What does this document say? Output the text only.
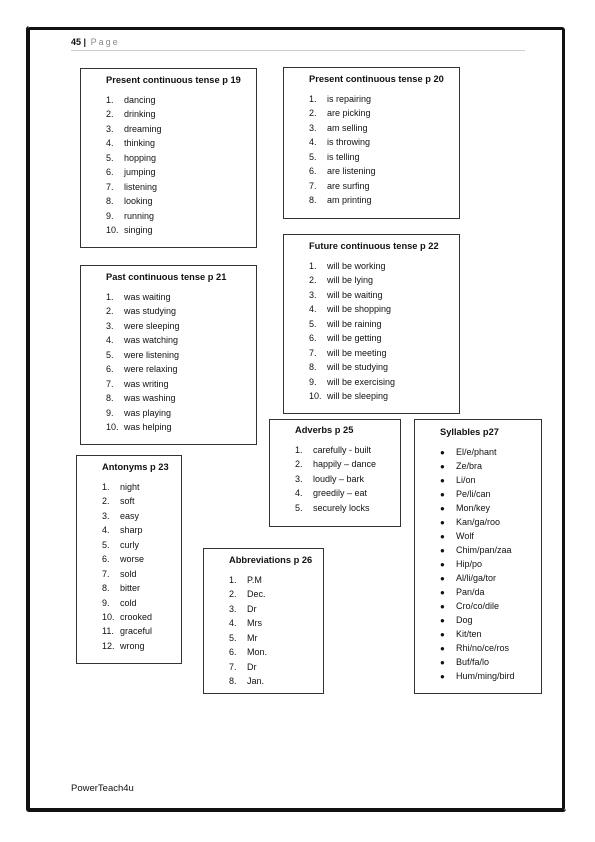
45 | Page
Present continuous tense p 19
1. dancing
2. drinking
3. dreaming
4. thinking
5. hopping
6. jumping
7. listening
8. looking
9. running
10. singing
Present continuous tense p 20
1. is repairing
2. are picking
3. am selling
4. is throwing
5. is telling
6. are listening
7. are surfing
8. am printing
Future continuous tense p 22
1. will be working
2. will be lying
3. will be waiting
4. will be shopping
5. will be raining
6. will be getting
7. will be meeting
8. will be studying
9. will be exercising
10. will be sleeping
Past continuous tense p 21
1. was waiting
2. was studying
3. were sleeping
4. was watching
5. were listening
6. were relaxing
7. was writing
8. was washing
9. was playing
10. was helping	Adverbs p 25
1. carefully - built
2. happily – dance
3. loudly – bark
4. greedily – eat
5. securely locks
Syllables p27
● El/e/phant
● Ze/bra
● Li/on
● Pe/li/can
● Mon/key
● Kan/ga/roo
● Wolf
● Chim/pan/zaa
● Hip/po
● Al/li/ga/tor
● Pan/da
● Cro/co/dile
● Dog
● Kit/ten
● Rhi/no/ce/ros
● Buf/fa/lo
● Hum/ming/bird
Antonyms p 23
1. night
2. soft
3. easy
4. sharp
5. curly
6. worse
7. sold
8. bitter
9. cold
10. crooked
11. graceful
12. wrong
Abbreviations p 26
1. P.M
2. Dec.
3. Dr
4. Mrs
5. Mr
6. Mon.
7. Dr
8. Jan.
PowerTeach4u
